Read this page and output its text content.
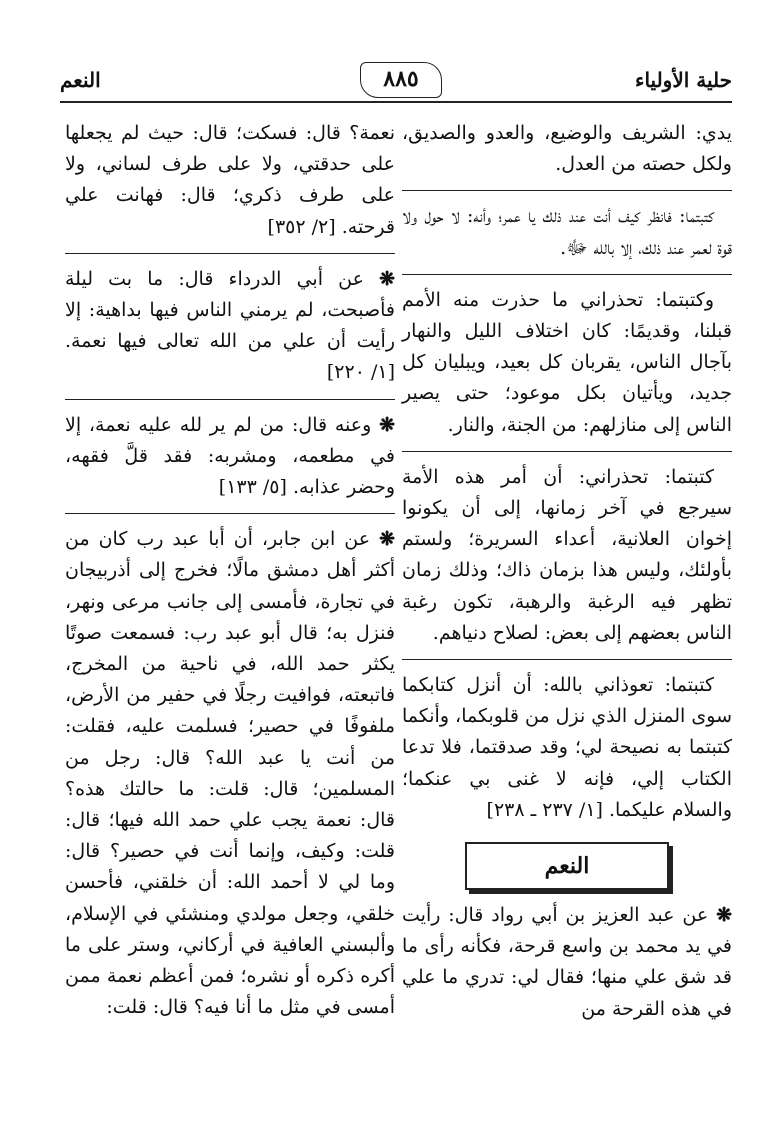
حلية الأولياء
٨٨٥
النعم

يدي: الشريف والوضيع، والعدو والصديق، ولكل حصته من العدل.

كتبتما: فانظر كيف أنت عند ذلك يا عمر؛ وأنه: لا حول ولا قوة لعمر عند ذلك، إلا بالله ﷻ.

وكتبتما: تحذراني ما حذرت منه الأمم قبلنا، وقديمًا: كان اختلاف الليل والنهار بآجال الناس، يقربان كل بعيد، ويبليان كل جديد، ويأتيان بكل موعود؛ حتى يصير الناس إلى منازلهم: من الجنة، والنار.

كتبتما: تحذراني: أن أمر هذه الأمة سيرجع في آخر زمانها، إلى أن يكونوا إخوان العلانية، أعداء السريرة؛ ولستم بأولئك، وليس هذا بزمان ذاك؛ وذلك زمان تظهر فيه الرغبة والرهبة، تكون رغبة الناس بعضهم إلى بعض: لصلاح دنياهم.

كتبتما: تعوذاني بالله: أن أنزل كتابكما سوى المنزل الذي نزل من قلوبكما، وأنكما كتبتما به نصيحة لي؛ وقد صدقتما، فلا تدعا الكتاب إلي، فإنه لا غنى بي عنكما؛ والسلام عليكما. [١/ ٢٣٧ ـ ٢٣٨]

النعم

❋ عن عبد العزيز بن أبي رواد قال: رأيت في يد محمد بن واسع قرحة، فكأنه رأى ما قد شق علي منها؛ فقال لي: تدري ما علي في هذه القرحة من

نعمة؟ قال: فسكت؛ قال: حيث لم يجعلها على حدقتي، ولا على طرف لساني، ولا على طرف ذكري؛ قال: فهانت علي قرحته. [٢/ ٣٥٢]

❋ عن أبي الدرداء قال: ما بت ليلة فأصبحت، لم يرمني الناس فيها بداهية: إلا رأيت أن علي من الله تعالى فيها نعمة. [١/ ٢٢٠]

❋ وعنه قال: من لم ير لله عليه نعمة، إلا في مطعمه، ومشربه: فقد قلَّ فقهه، وحضر عذابه. [٥/ ١٣٣]

❋ عن ابن جابر، أن أبا عبد رب كان من أكثر أهل دمشق مالًا؛ فخرج إلى أذربيجان في تجارة، فأمسى إلى جانب مرعى ونهر، فنزل به؛ قال أبو عبد رب: فسمعت صوتًا يكثر حمد الله، في ناحية من المخرج، فاتبعته، فوافيت رجلًا في حفير من الأرض، ملفوفًا في حصير؛ فسلمت عليه، فقلت: من أنت يا عبد الله؟ قال: رجل من المسلمين؛ قال: قلت: ما حالتك هذه؟ قال: نعمة يجب علي حمد الله فيها؛ قال: قلت: وكيف، وإنما أنت في حصير؟ قال: وما لي لا أحمد الله: أن خلقني، فأحسن خلقي، وجعل مولدي ومنشئي في الإسلام، وألبسني العافية في أركاني، وستر على ما أكره ذكره أو نشره؛ فمن أعظم نعمة ممن أمسى في مثل ما أنا فيه؟ قال: قلت:
